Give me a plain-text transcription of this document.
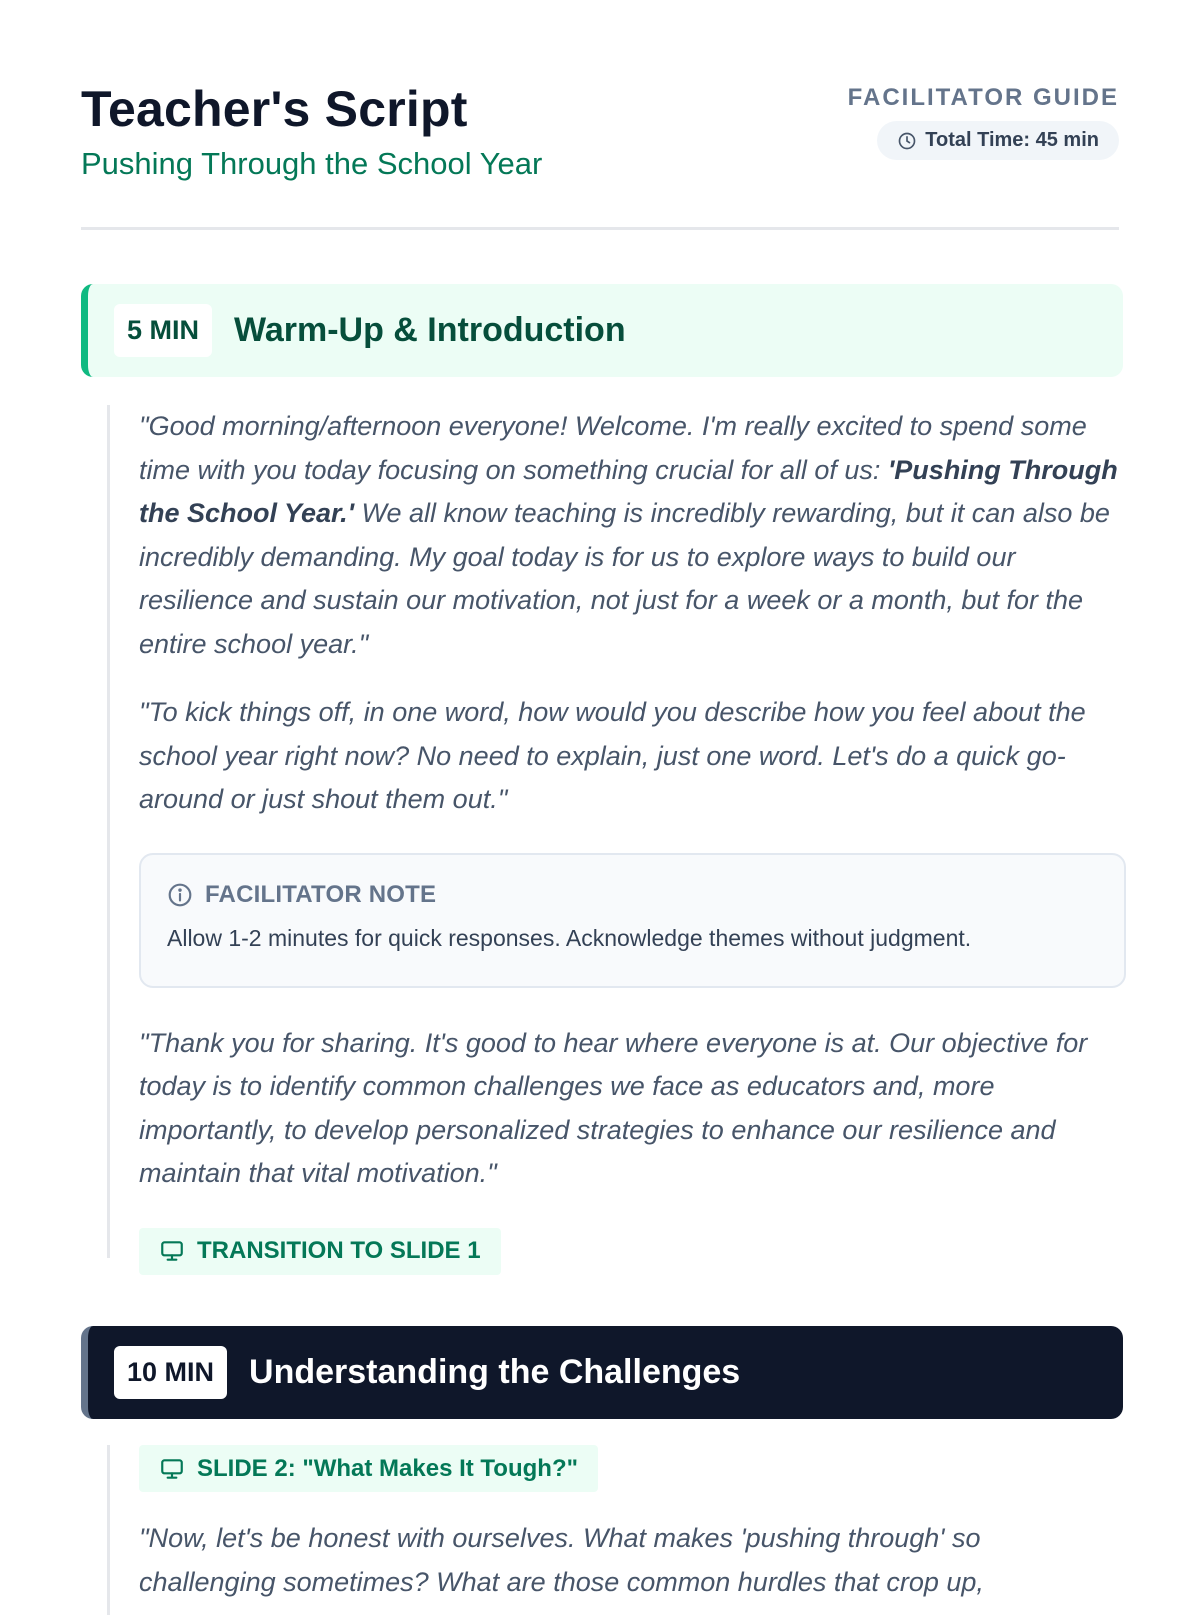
Teacher's Script
Pushing Through the School Year
FACILITATOR GUIDE
Total Time: 45 min
5 MIN	Warm-Up & Introduction

"Good morning/afternoon everyone! Welcome. I'm really excited to spend some time with you today focusing on something crucial for all of us: 'Pushing Through the School Year.' We all know teaching is incredibly rewarding, but it can also be incredibly demanding. My goal today is for us to explore ways to build our resilience and sustain our motivation, not just for a week or a month, but for the entire school year."

"To kick things off, in one word, how would you describe how you feel about the school year right now? No need to explain, just one word. Let's do a quick go-around or just shout them out."

FACILITATOR NOTE
Allow 1-2 minutes for quick responses. Acknowledge themes without judgment.

"Thank you for sharing. It's good to hear where everyone is at. Our objective for today is to identify common challenges we face as educators and, more importantly, to develop personalized strategies to enhance our resilience and maintain that vital motivation."

TRANSITION TO SLIDE 1
10 MIN	Understanding the Challenges
SLIDE 2: "What Makes It Tough?"

"Now, let's be honest with ourselves. What makes 'pushing through' so challenging sometimes? What are those common hurdles that crop up,
